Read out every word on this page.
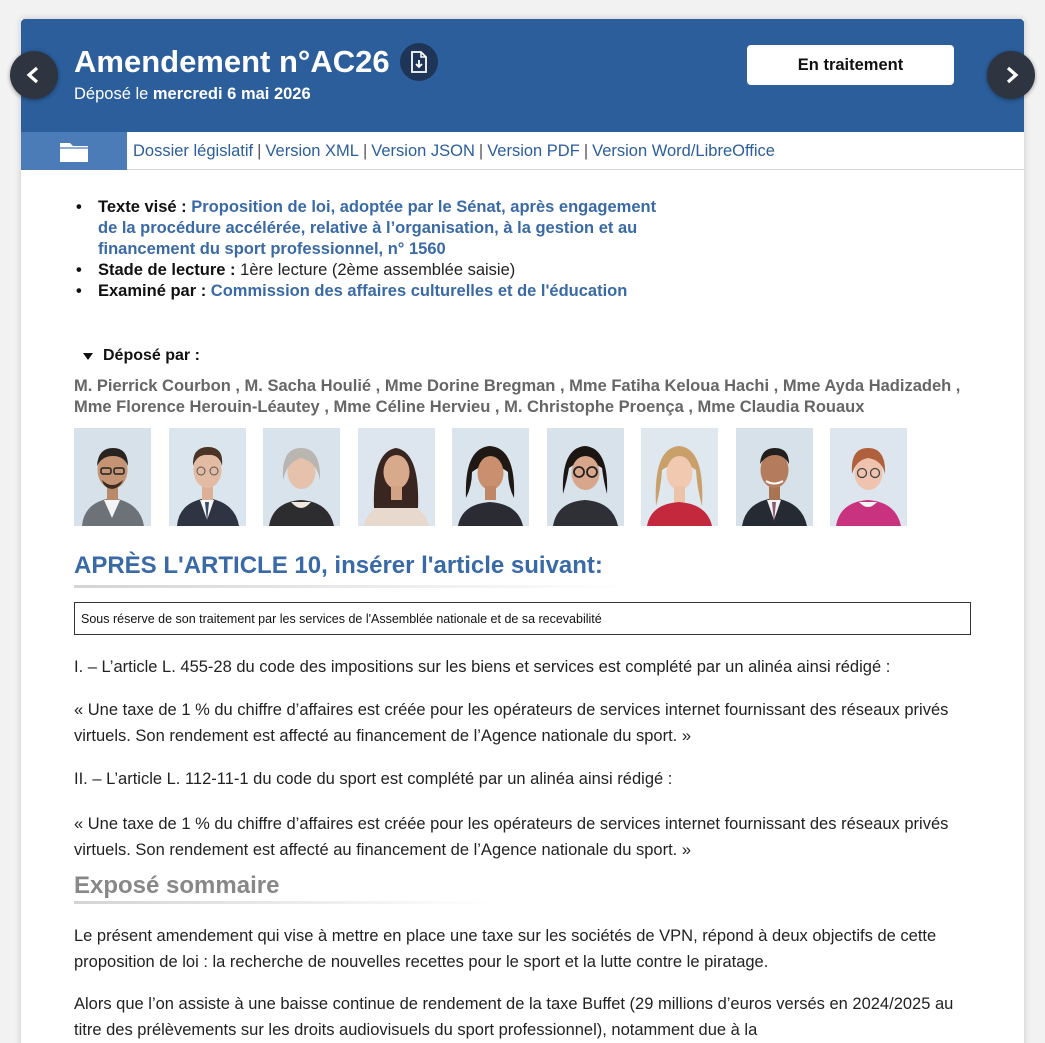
Amendement n°AC26
Déposé le mercredi 6 mai 2026
En traitement
Dossier législatif | Version XML | Version JSON | Version PDF | Version Word/LibreOffice
• Texte visé : Proposition de loi, adoptée par le Sénat, après engagement de la procédure accélérée, relative à l’organisation, à la gestion et au financement du sport professionnel, n° 1560
• Stade de lecture : 1ère lecture (2ème assemblée saisie)
• Examiné par : Commission des affaires culturelles et de l'éducation
Déposé par :
M. Pierrick Courbon , M. Sacha Houlié , Mme Dorine Bregman , Mme Fatiha Keloua Hachi , Mme Ayda Hadizadeh , Mme Florence Herouin-Léautey , Mme Céline Hervieu , M. Christophe Proença , Mme Claudia Rouaux
APRÈS L'ARTICLE 10, insérer l'article suivant:
Sous réserve de son traitement par les services de l'Assemblée nationale et de sa recevabilité

I. – L’article L. 455-28 du code des impositions sur les biens et services est complété par un alinéa ainsi rédigé :

« Une taxe de 1 % du chiffre d’affaires est créée pour les opérateurs de services internet fournissant des réseaux privés virtuels. Son rendement est affecté au financement de l’Agence nationale du sport. »

II. – L’article L. 112-11-1 du code du sport est complété par un alinéa ainsi rédigé :

« Une taxe de 1 % du chiffre d’affaires est créée pour les opérateurs de services internet fournissant des réseaux privés virtuels. Son rendement est affecté au financement de l’Agence nationale du sport. »

Exposé sommaire

Le présent amendement qui vise à mettre en place une taxe sur les sociétés de VPN, répond à deux objectifs de cette proposition de loi : la recherche de nouvelles recettes pour le sport et la lutte contre le piratage.

Alors que l’on assiste à une baisse continue de rendement de la taxe Buffet (29 millions d’euros versés en 2024/2025 au titre des prélèvements sur les droits audiovisuels du sport professionnel), notamment due à la
